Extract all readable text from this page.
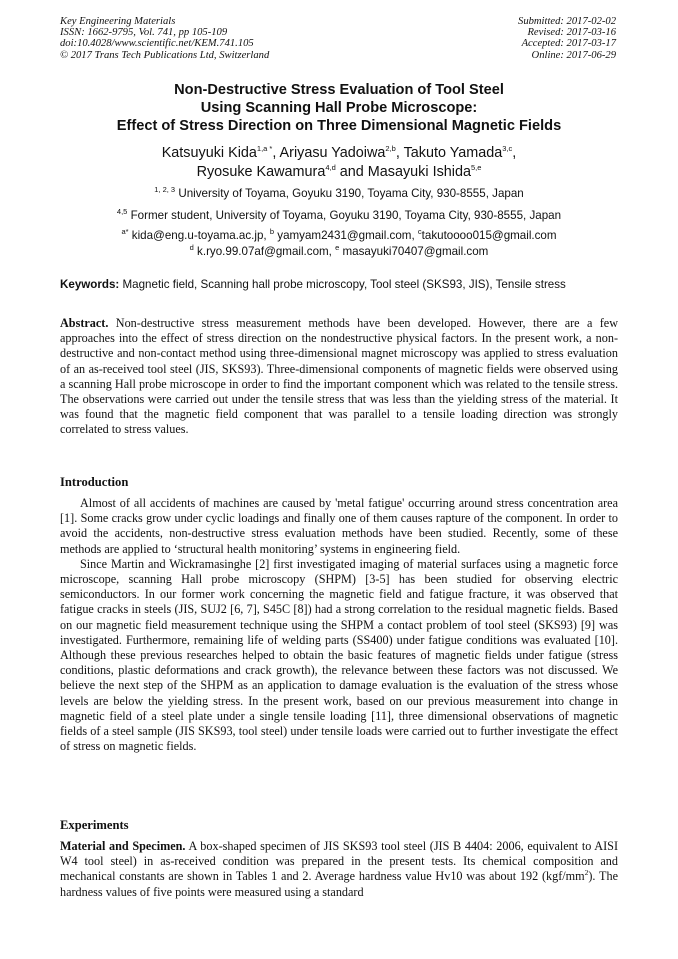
Key Engineering Materials
ISSN: 1662-9795, Vol. 741, pp 105-109
doi:10.4028/www.scientific.net/KEM.741.105
© 2017 Trans Tech Publications Ltd, Switzerland
Submitted: 2017-02-02
Revised: 2017-03-16
Accepted: 2017-03-17
Online: 2017-06-29
Non-Destructive Stress Evaluation of Tool Steel
Using Scanning Hall Probe Microscope:
Effect of Stress Direction on Three Dimensional Magnetic Fields
Katsuyuki Kida$^{1,a *}$, Ariyasu Yadoiwa$^{2,b}$, Takuto Yamada$^{3,c}$,
Ryosuke Kawamura$^{4,d}$ and Masayuki Ishida$^{5,e}$
$^{1, 2, 3}$ University of Toyama, Goyuku 3190, Toyama City, 930-8555, Japan
$^{4,5}$ Former student, University of Toyama, Goyuku 3190, Toyama City, 930-8555, Japan
$^{a*}$ kida@eng.u-toyama.ac.jp, $^b$ yamyam2431@gmail.com, $^c$takutoooo015@gmail.com
$^d$ k.ryo.99.07af@gmail.com, $^e$ masayuki70407@gmail.com
Keywords: Magnetic field, Scanning hall probe microscopy, Tool steel (SKS93, JIS), Tensile stress
Abstract. Non-destructive stress measurement methods have been developed. However, there are a few approaches into the effect of stress direction on the nondestructive physical factors. In the present work, a non-destructive and non-contact method using three-dimensional magnet microscopy was applied to stress evaluation of an as-received tool steel (JIS, SKS93). Three-dimensional components of magnetic fields were observed using a scanning Hall probe microscope in order to find the important component which was related to the tensile stress. The observations were carried out under the tensile stress that was less than the yielding stress of the material. It was found that the magnetic field component that was parallel to a tensile loading direction was strongly correlated to stress values.
Introduction

Almost of all accidents of machines are caused by 'metal fatigue' occurring around stress concentration area [1]. Some cracks grow under cyclic loadings and finally one of them causes rapture of the component. In order to avoid the accidents, non-destructive stress evaluation methods have been studied. Recently, some of these methods are applied to ‘structural health monitoring’ systems in engineering field.

Since Martin and Wickramasinghe [2] first investigated imaging of material surfaces using a magnetic force microscope, scanning Hall probe microscopy (SHPM) [3-5] has been studied for observing electric semiconductors. In our former work concerning the magnetic field and fatigue fracture, it was observed that fatigue cracks in steels (JIS, SUJ2 [6, 7], S45C [8]) had a strong correlation to the residual magnetic fields. Based on our magnetic field measurement technique using the SHPM a contact problem of tool steel (SKS93) [9] was investigated. Furthermore, remaining life of welding parts (SS400) under fatigue conditions was evaluated [10]. Although these previous researches helped to obtain the basic features of magnetic fields under fatigue (stress conditions, plastic deformations and crack growth), the relevance between these factors was not discussed. We believe the next step of the SHPM as an application to damage evaluation is the evaluation of the stress whose levels are below the yielding stress. In the present work, based on our previous measurement into change in magnetic field of a steel plate under a single tensile loading [11], three dimensional observations of magnetic fields of a steel sample (JIS SKS93, tool steel) under tensile loads were carried out to further investigate the effect of stress on magnetic fields.

Experiments
Material and Specimen. A box-shaped specimen of JIS SKS93 tool steel (JIS B 4404: 2006, equivalent to AISI W4 tool steel) in as-received condition was prepared in the present tests. Its chemical composition and mechanical constants are shown in Tables 1 and 2. Average hardness value Hv10 was about 192 $(kgf/mm^2)$. The hardness values of five points were measured using a standard
